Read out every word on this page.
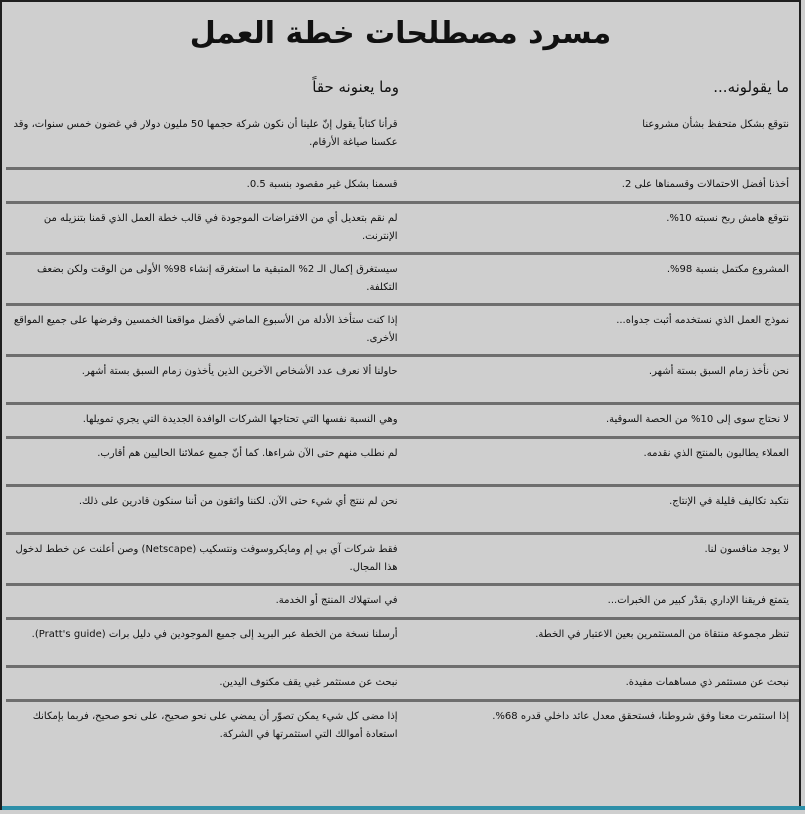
مسرد مصطلحات خطة العمل
ما يقولونه...
وما يعنونه حقاً
نتوقع بشكل متحفظ بشأن مشروعنا	قرأنا كتاباً يقول إنّ علينا أن نكون شركة حجمها 50 مليون دولار في غضون خمس سنوات، وقد عكسنا صياغة الأرقام.
أخذنا أفضل الاحتمالات وقسمناها على 2.	قسمنا بشكل غير مقصود بنسبة 0.5.
نتوقع هامش ربح نسبته 10%.	لم نقم بتعديل أي من الافتراضات الموجودة في قالب خطة العمل الذي قمنا بتنزيله من الإنترنت.
المشروع مكتمل بنسبة 98%.	سيستغرق إكمال الـ 2% المتبقية ما استغرقه إنشاء 98% الأولى من الوقت ولكن بضعف التكلفة.
نموذج العمل الذي نستخدمه أثبت جدواه...	إذا كنت ستأخذ الأدلة من الأسبوع الماضي لأفضل مواقعنا الخمسين وفرضها على جميع المواقع الأخرى.
نحن نأخذ زمام السبق بستة أشهر.	حاولنا ألا نعرف عدد الأشخاص الآخرين الذين يأخذون زمام السبق بستة أشهر.
لا نحتاج سوى إلى 10% من الحصة السوقية.	وهي النسبة نفسها التي تحتاجها الشركات الوافدة الجديدة التي يجري تمويلها.
العملاء يطالبون بالمنتج الذي نقدمه.	لم نطلب منهم حتى الآن شراءها. كما أنّ جميع عملائنا الحاليين هم أقارب.
نتكبد تكاليف قليلة في الإنتاج.	نحن لم ننتج أي شيء حتى الآن. لكننا واثقون من أننا سنكون قادرين على ذلك.
لا يوجد منافسون لنا.	فقط شركات آي بي إم ومايكروسوفت ونتسكيب (Netscape) وصن أعلنت عن خطط لدخول هذا المجال.
يتمتع فريقنا الإداري بقدْر كبير من الخبرات...	في استهلاك المنتج أو الخدمة.
تنظر مجموعة منتقاة من المستثمرين بعين الاعتبار في الخطة.	أرسلنا نسخة من الخطة عبر البريد إلى جميع الموجودين في دليل برات (Pratt's guide).
نبحث عن مستثمر ذي مساهمات مفيدة.	نبحث عن مستثمر غبي يقف مكتوف اليدين.
إذا استثمرت معنا وفق شروطنا، فستحقق معدل عائد داخلي قدره 68%.	إذا مضى كل شيء يمكن تصوّر أن يمضي على نحو صحيح، على نحو صحيح، فربما بإمكانك استعادة أموالك التي استثمرتها في الشركة.
